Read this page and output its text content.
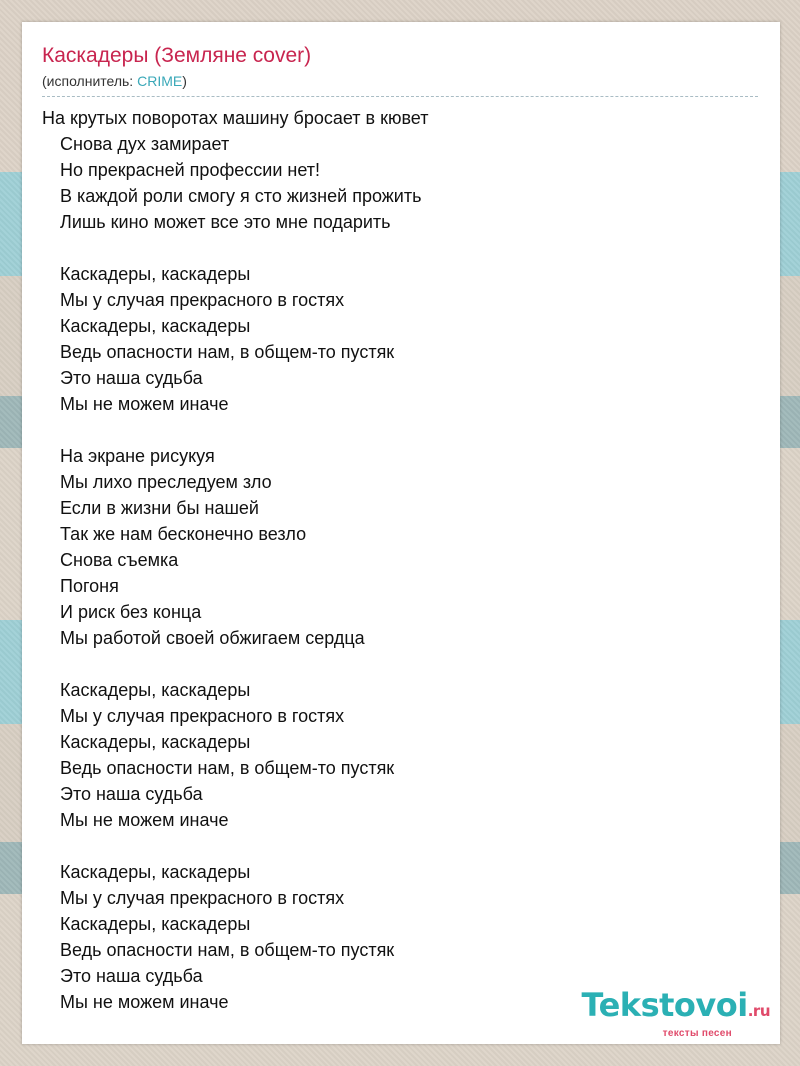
Каскадеры (Земляне cover)
(исполнитель: CRIME)
На крутых поворотах машину бросает в кювет
Снова дух замирает
Но прекрасней профессии нет!
В каждой роли смогу я сто жизней прожить
Лишь кино может все это мне подарить
Каскадеры, каскадеры
Мы у случая прекрасного в гостях
Каскадеры, каскадеры
Ведь опасности нам, в общем-то пустяк
Это наша судьба
Мы не можем иначе
На экране рисукуя
Мы лихо преследуем зло
Если в жизни бы нашей
Так же нам бесконечно везло
Снова съемка
Погоня
И риск без конца
Мы работой своей обжигаем сердца
Каскадеры, каскадеры
Мы у случая прекрасного в гостях
Каскадеры, каскадеры
Ведь опасности нам, в общем-то пустяк
Это наша судьба
Мы не можем иначе
Каскадеры, каскадеры
Мы у случая прекрасного в гостях
Каскадеры, каскадеры
Ведь опасности нам, в общем-то пустяк
Это наша судьба
Мы не можем иначе	Tekstovoi.ru
тексты песен
